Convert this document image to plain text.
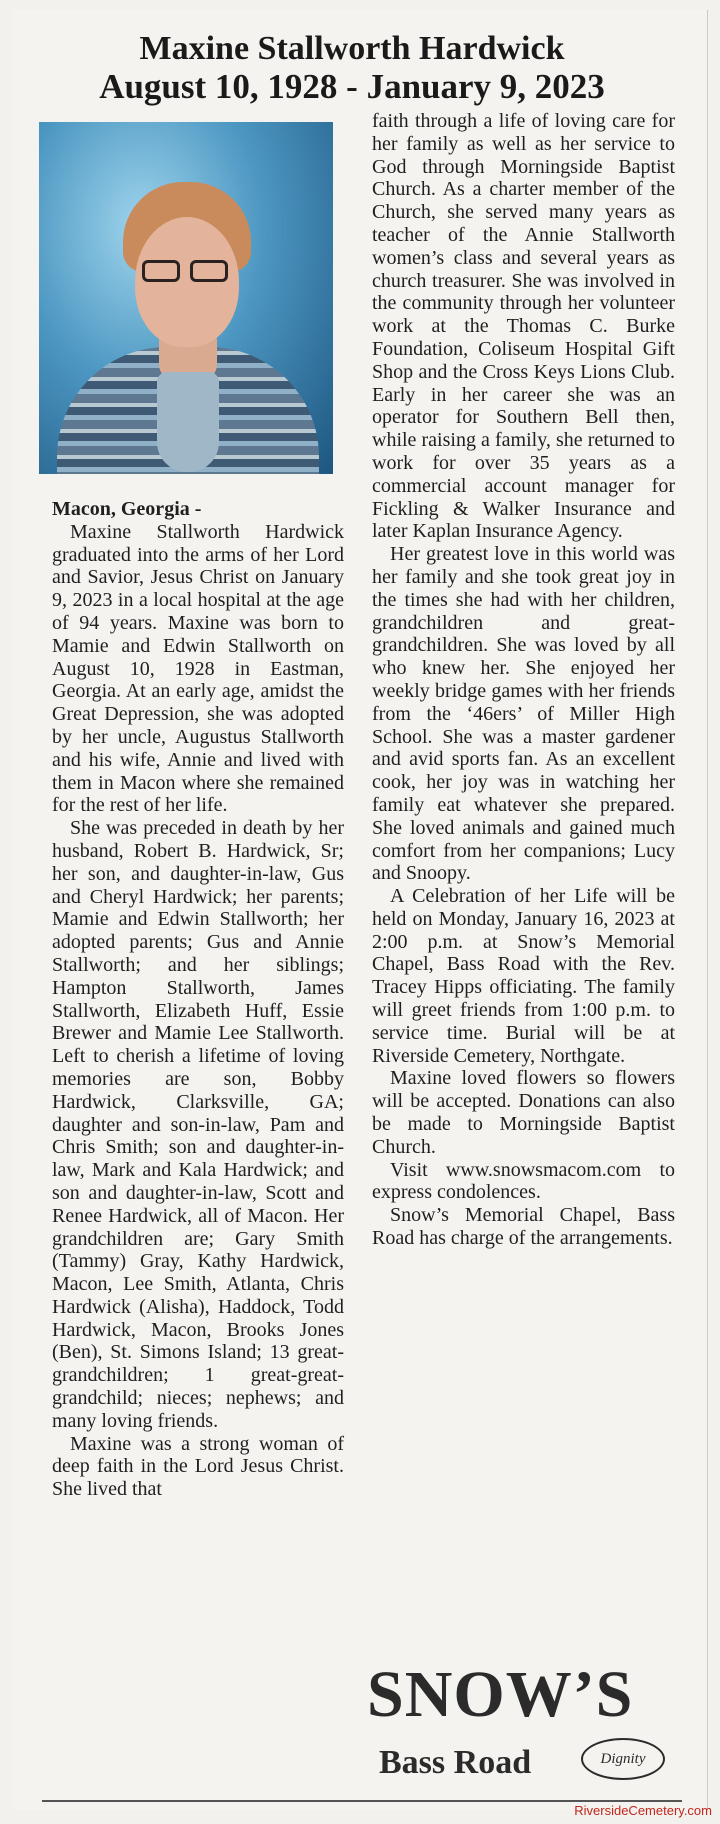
Maxine Stallworth Hardwick
August 10, 1928 - January 9, 2023

Macon, Georgia -

Maxine Stallworth Hardwick graduated into the arms of her Lord and Savior, Jesus Christ on January 9, 2023 in a local hospital at the age of 94 years. Maxine was born to Mamie and Edwin Stallworth on August 10, 1928 in Eastman, Georgia. At an early age, amidst the Great Depression, she was adopted by her uncle, Augustus Stallworth and his wife, Annie and lived with them in Macon where she remained for the rest of her life.

She was preceded in death by her husband, Robert B. Hardwick, Sr; her son, and daughter-in-law, Gus and Cheryl Hardwick; her parents; Mamie and Edwin Stallworth; her adopted parents; Gus and Annie Stallworth; and her siblings; Hampton Stallworth, James Stallworth, Elizabeth Huff, Essie Brewer and Mamie Lee Stallworth. Left to cherish a lifetime of loving memories are son, Bobby Hardwick, Clarksville, GA; daughter and son-in-law, Pam and Chris Smith; son and daughter-in-law, Mark and Kala Hardwick; and son and daughter-in-law, Scott and Renee Hardwick, all of Macon. Her grandchildren are; Gary Smith (Tammy) Gray, Kathy Hardwick, Macon, Lee Smith, Atlanta, Chris Hardwick (Alisha), Haddock, Todd Hardwick, Macon, Brooks Jones (Ben), St. Simons Island; 13 great-grandchildren; 1 great-great-grandchild; nieces; nephews; and many loving friends.

Maxine was a strong woman of deep faith in the Lord Jesus Christ. She lived that

faith through a life of loving care for her family as well as her service to God through Morningside Baptist Church. As a charter member of the Church, she served many years as teacher of the Annie Stallworth women’s class and several years as church treasurer. She was involved in the community through her volunteer work at the Thomas C. Burke Foundation, Coliseum Hospital Gift Shop and the Cross Keys Lions Club. Early in her career she was an operator for Southern Bell then, while raising a family, she returned to work for over 35 years as a commercial account manager for Fickling & Walker Insurance and later Kaplan Insurance Agency.

Her greatest love in this world was her family and she took great joy in the times she had with her children, grandchildren and great-grandchildren. She was loved by all who knew her. She enjoyed her weekly bridge games with her friends from the ‘46ers’ of Miller High School. She was a master gardener and avid sports fan. As an excellent cook, her joy was in watching her family eat whatever she prepared. She loved animals and gained much comfort from her companions; Lucy and Snoopy.

A Celebration of her Life will be held on Monday, January 16, 2023 at 2:00 p.m. at Snow’s Memorial Chapel, Bass Road with the Rev. Tracey Hipps officiating. The family will greet friends from 1:00 p.m. to service time. Burial will be at Riverside Cemetery, Northgate.

Maxine loved flowers so flowers will be accepted. Donations can also be made to Morningside Baptist Church.

Visit www.snowsmacom.com to express condolences.

Snow’s Memorial Chapel, Bass Road has charge of the arrangements.

SNOW’S
Bass Road	Dignity
RiversideCemetery.com
